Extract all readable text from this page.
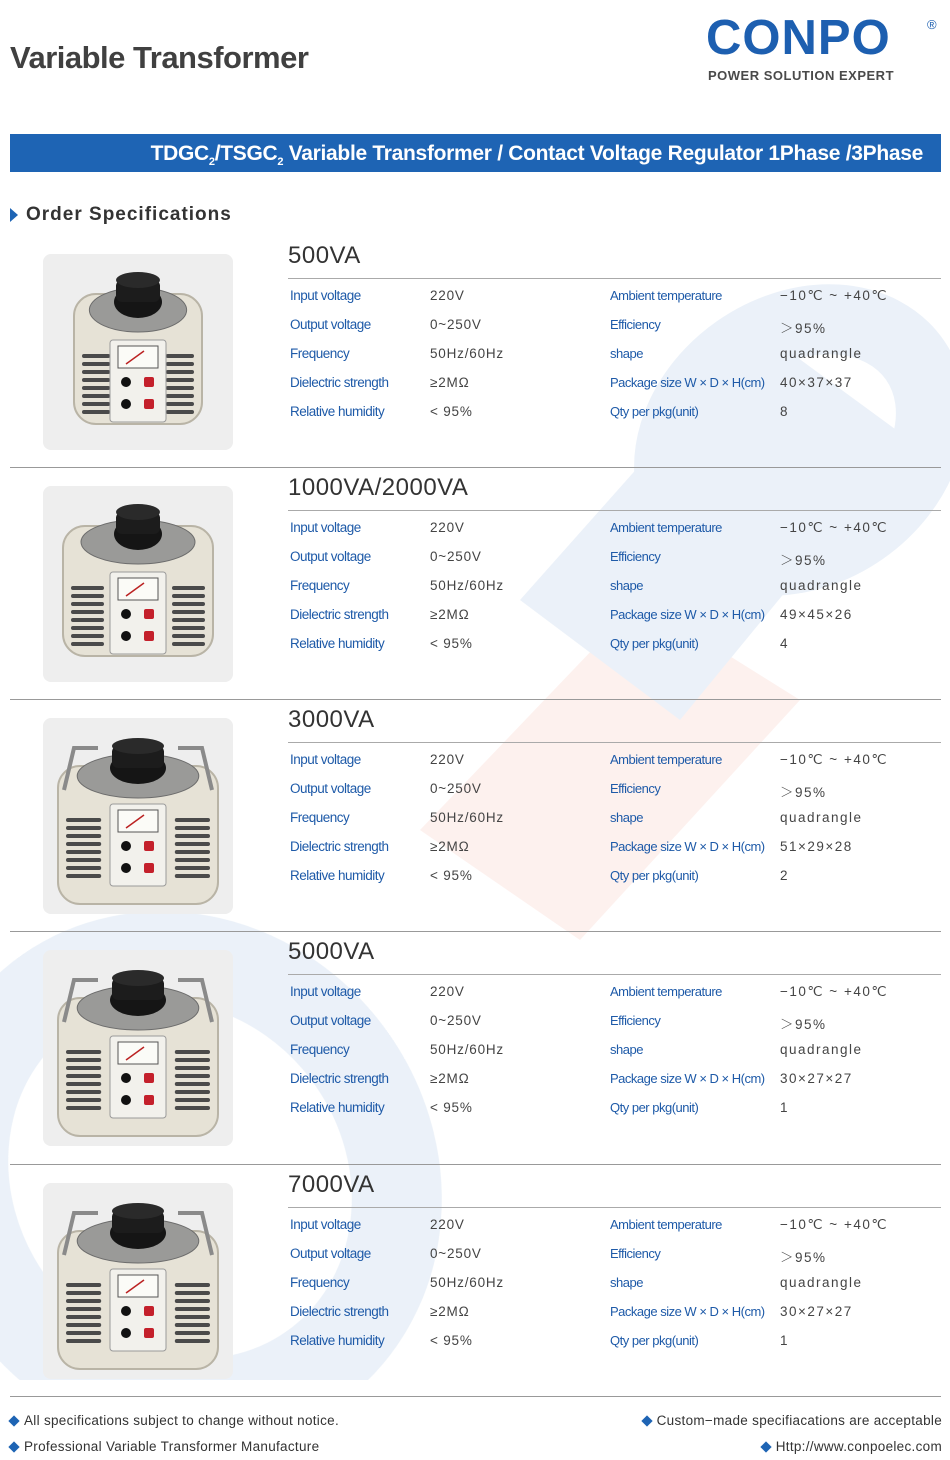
Variable Transformer	CONPO	®
POWER SOLUTION EXPERT
$TDGC_2/TSGC_2$ Variable Transformer / Contact Voltage Regulator 1Phase /3Phase
Order Specifications
500VA
Input voltage	220V	Ambient temperature	−10℃ ~ +40℃
Output voltage	0~250V	Efficiency	＞95%
Frequency	50Hz/60Hz	shape	quadrangle
Dielectric strength	≥2MΩ	Package size W × D × H(cm) 40×37×37
Relative humidity	< 95%	Qty per pkg(unit)	8
1000VA/2000VA
Input voltage	220V	Ambient temperature	−10℃ ~ +40℃
Output voltage	0~250V	Efficiency	＞95%
Frequency	50Hz/60Hz	shape	quadrangle
Dielectric strength	≥2MΩ	Package size W × D × H(cm) 49×45×26
Relative humidity	< 95%	Qty per pkg(unit)	4
3000VA
Input voltage	220V	Ambient temperature	−10℃ ~ +40℃
Output voltage	0~250V	Efficiency	＞95%
Frequency	50Hz/60Hz	shape	quadrangle
Dielectric strength	≥2MΩ	Package size W × D × H(cm) 51×29×28
Relative humidity	< 95%	Qty per pkg(unit)	2
5000VA
Input voltage	220V	Ambient temperature	−10℃ ~ +40℃
Output voltage	0~250V	Efficiency	＞95%
Frequency	50Hz/60Hz	shape	quadrangle
Dielectric strength	≥2MΩ	Package size W × D × H(cm) 30×27×27
Relative humidity	< 95%	Qty per pkg(unit)	1
7000VA
Input voltage	220V	Ambient temperature	−10℃ ~ +40℃
Output voltage	0~250V	Efficiency	＞95%
Frequency	50Hz/60Hz	shape	quadrangle
Dielectric strength	≥2MΩ	Package size W × D × H(cm) 30×27×27
Relative humidity	< 95%	Qty per pkg(unit)	1
All specifications subject to change without notice.
Professional Variable Transformer Manufacture
Custom−made specifiacations are acceptable
Http://www.conpoelec.com
